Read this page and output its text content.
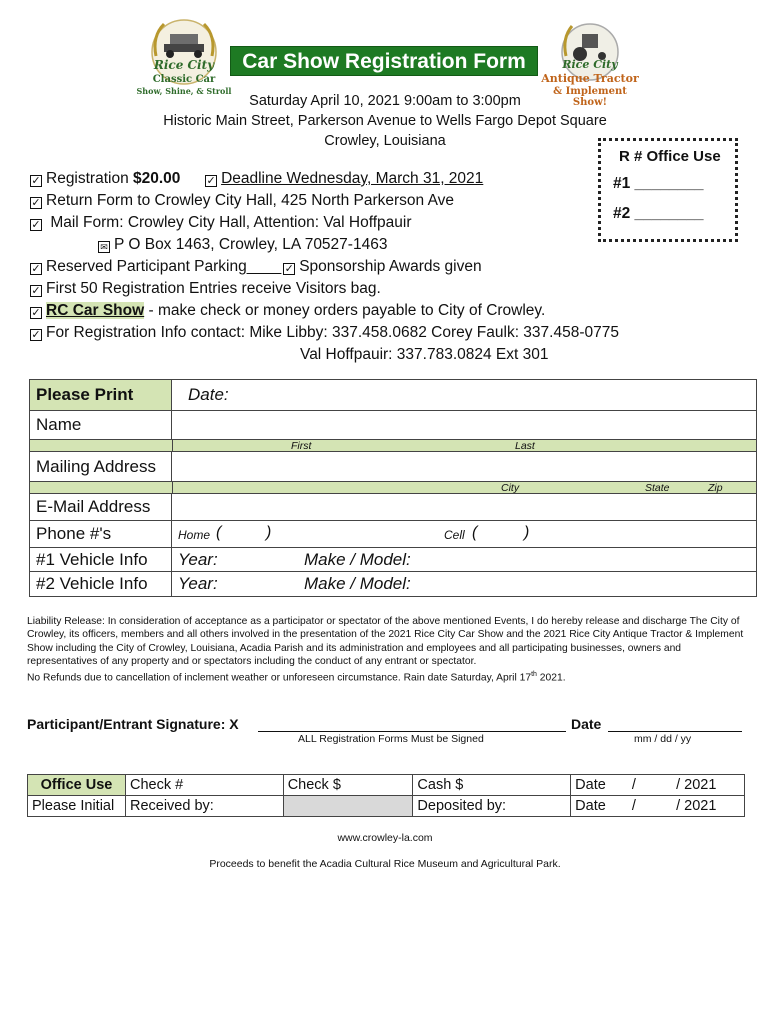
Rice City
Classic Car
Show, Shine, & Stroll
Car Show Registration Form	Rice City
Antique Tractor
& Implement Show!
Saturday April 10, 2021 9:00am to 3:00pm
Historic Main Street, Parkerson Avenue to Wells Fargo Depot Square
Crowley, Louisiana
R # Office Use
#1 ________
#2 ________
✓ Registration $20.00 ✓ Deadline Wednesday, March 31, 2021
✓ Return Form to Crowley City Hall, 425 North Parkerson Ave
✓ Mail Form: Crowley City Hall, Attention: Val Hoffpauir
✉ P O Box 1463, Crowley, LA 70527-1463
✓ Reserved Participant Parking____ ✓ Sponsorship Awards given
✓ First 50 Registration Entries receive Visitors bag.
✓ RC Car Show - make check or money orders payable to City of Crowley.
✓ For Registration Info contact: Mike Libby: 337.458.0682 Corey Faulk: 337.458-0775
Val Hoffpauir: 337.783.0824 Ext 301
Please Print	Date:
Name
First	Last
Mailing Address
City	State	Zip
E-Mail Address
Phone #'s	Home (	)	Cell (	)
#1 Vehicle Info	Year:	Make / Model:
#2 Vehicle Info	Year:	Make / Model:
Liability Release: In consideration of acceptance as a participator or spectator of the above mentioned Events, I do hereby release and discharge The City of Crowley, its officers, members and all others involved in the presentation of the 2021 Rice City Car Show and the 2021 Rice City Antique Tractor & Implement Show including the City of Crowley, Louisiana, Acadia Parish and its administration and employees and all participating businesses, owners and representatives of any property and or spectators including the conduct of any entrant or spectator.
No Refunds due to cancellation of inclement weather or unforeseen circumstance. Rain date Saturday, April 17th 2021.
Participant/Entrant Signature: X	Date
ALL Registration Forms Must be Signed	mm / dd / yy
Office Use	Check #	Check $	Cash $	Date /          / 2021
Please Initial	Received by:		Deposited by:	Date /          / 2021
www.crowley-la.com
Proceeds to benefit the Acadia Cultural Rice Museum and Agricultural Park.
